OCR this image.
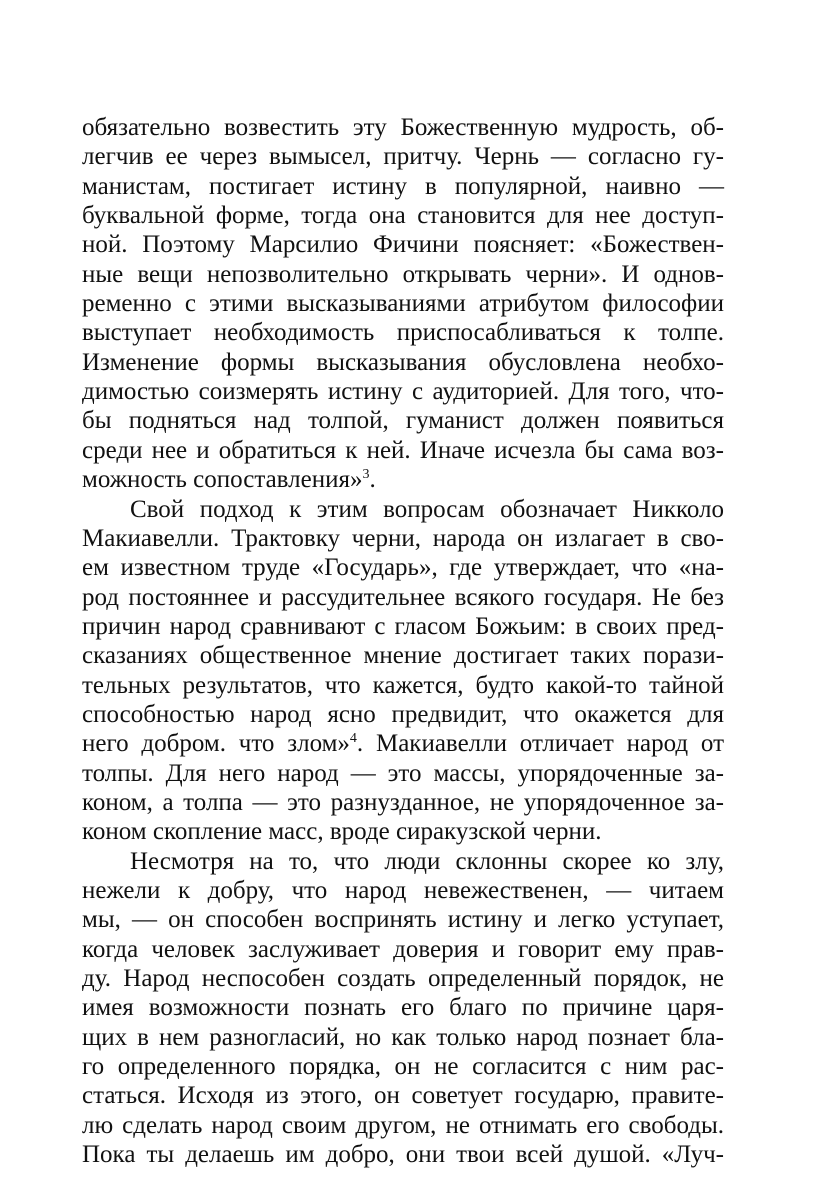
обязательно возвестить эту Божественную мудрость, об-
легчив ее через вымысел, притчу. Чернь — согласно гу-
манистам, постигает истину в популярной, наивно —
буквальной форме, тогда она становится для нее доступ-
ной. Поэтому Марсилио Фичини поясняет: «Божествен-
ные вещи непозволительно открывать черни». И однов-
ременно с этими высказываниями атрибутом философии
выступает необходимость приспосабливаться к толпе.
Изменение формы высказывания обусловлена необхо-
димостью соизмерять истину с аудиторией. Для того, что-
бы подняться над толпой, гуманист должен появиться
среди нее и обратиться к ней. Иначе исчезла бы сама воз-
можность сопоставления»$^3$.
Свой подход к этим вопросам обозначает Никколо
Макиавелли. Трактовку черни, народа он излагает в сво-
ем известном труде «Государь», где утверждает, что «на-
род постояннее и рассудительнее всякого государя. Не без
причин народ сравнивают с гласом Божьим: в своих пред-
сказаниях общественное мнение достигает таких порази-
тельных результатов, что кажется, будто какой-то тайной
способностью народ ясно предвидит, что окажется для
него добром. что злом»$^4$. Макиавелли отличает народ от
толпы. Для него народ — это массы, упорядоченные за-
коном, а толпа — это разнузданное, не упорядоченное за-
коном скопление масс, вроде сиракузской черни.
Несмотря на то, что люди склонны скорее ко злу,
нежели к добру, что народ невежественен, — читаем
мы, — он способен воспринять истину и легко уступает,
когда человек заслуживает доверия и говорит ему прав-
ду. Народ неспособен создать определенный порядок, не
имея возможности познать его благо по причине царя-
щих в нем разногласий, но как только народ познает бла-
го определенного порядка, он не согласится с ним рас-
статься. Исходя из этого, он советует государю, правите-
лю сделать народ своим другом, не отнимать его свободы.
Пока ты делаешь им добро, они твои всей душой. «Луч-
